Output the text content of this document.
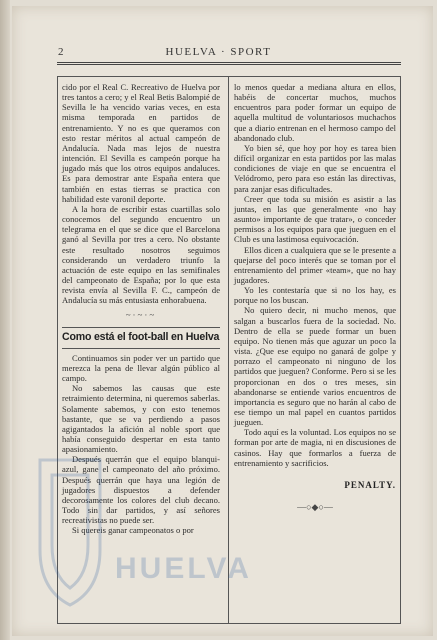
2	HUELVA · SPORT

cido por el Real C. Recreativo de Huelva por tres tantos a cero; y el Real Betis Balompié de Sevilla le ha vencido varias veces, en esta misma temporada en partidos de entrenamiento. Y no es que queramos con esto restar méritos al actual campeón de Andalucía. Nada mas lejos de nuestra intención. El Sevilla es campeón porque ha jugado más que los otros equipos andaluces. Es para demostrar ante España entera que también en estas tierras se practica con habilidad este varonil deporte.

A la hora de escribir estas cuartillas solo conocemos del segundo encuentro un telegrama en el que se dice que el Barcelona ganó al Sevilla por tres a cero. No obstante este resultado nosotros seguimos considerando un verdadero triunfo la actuación de este equipo en las semifinales del campeonato de España; por lo que esta revista envía al Sevilla F. C., campeón de Andalucía su más entusiasta enhorabuena.

~·~·~
Como está el foot-ball en Huelva

Continuamos sin poder ver un partido que merezca la pena de llevar algún público al campo.

No sabemos las causas que este retraimiento determina, ni queremos saberlas. Solamente sabemos, y con esto tenemos bastante, que se va perdiendo a pasos agigantados la afición al noble sport que había conseguido despertar en esta tanto apasionamiento.

Después querrán que el equipo blanqui-azul, gane el campeonato del año próximo. Después querrán que haya una legión de jugadores dispuestos a defender decorosamente los colores del club decano. Todo sin dar partidos, y así señores recreativistas no puede ser.

Si quereis ganar campeonatos o por

lo menos quedar a mediana altura en ellos, habéis de concertar muchos, muchos encuentros para poder formar un equipo de aquella multitud de voluntariosos muchachos que a diario entrenan en el hermoso campo del abandonado club.

Yo bien sé, que hoy por hoy es tarea bien difícil organizar en esta partidos por las malas condiciones de viaje en que se encuentra el Velódromo, pero para eso están las directivas, para zanjar esas dificultades.

Creer que toda su misión es asistir a las juntas, en las que generalmente «no hay asunto» importante de que tratar», o conceder permisos a los equipos para que jueguen en el Club es una lastimosa equivocación.

Ellos dicen a cualquiera que se le presente a quejarse del poco interés que se toman por el entrenamiento del primer «team», que no hay jugadores.

Yo les contestaría que si no los hay, es porque no los buscan.

No quiero decir, ni mucho menos, que salgan a buscarlos fuera de la sociedad. No. Dentro de ella se puede formar un buen equipo. No tienen más que aguzar un poco la vista. ¿Que ese equipo no ganará de golpe y porrazo el campeonato ni ninguno de los partidos que jueguen? Conforme. Pero si se les proporcionan en dos o tres meses, sin abandonarse se entiende varios encuentros de importancia es seguro que no harán al cabo de ese tiempo un mal papel en cuantos partidos jueguen.

Todo aquí es la voluntad. Los equipos no se forman por arte de magia, ni en discusiones de casinos. Hay que formarlos a fuerza de entrenamiento y sacrificios.

PENALTY.
—○◆○—
HUELVA
